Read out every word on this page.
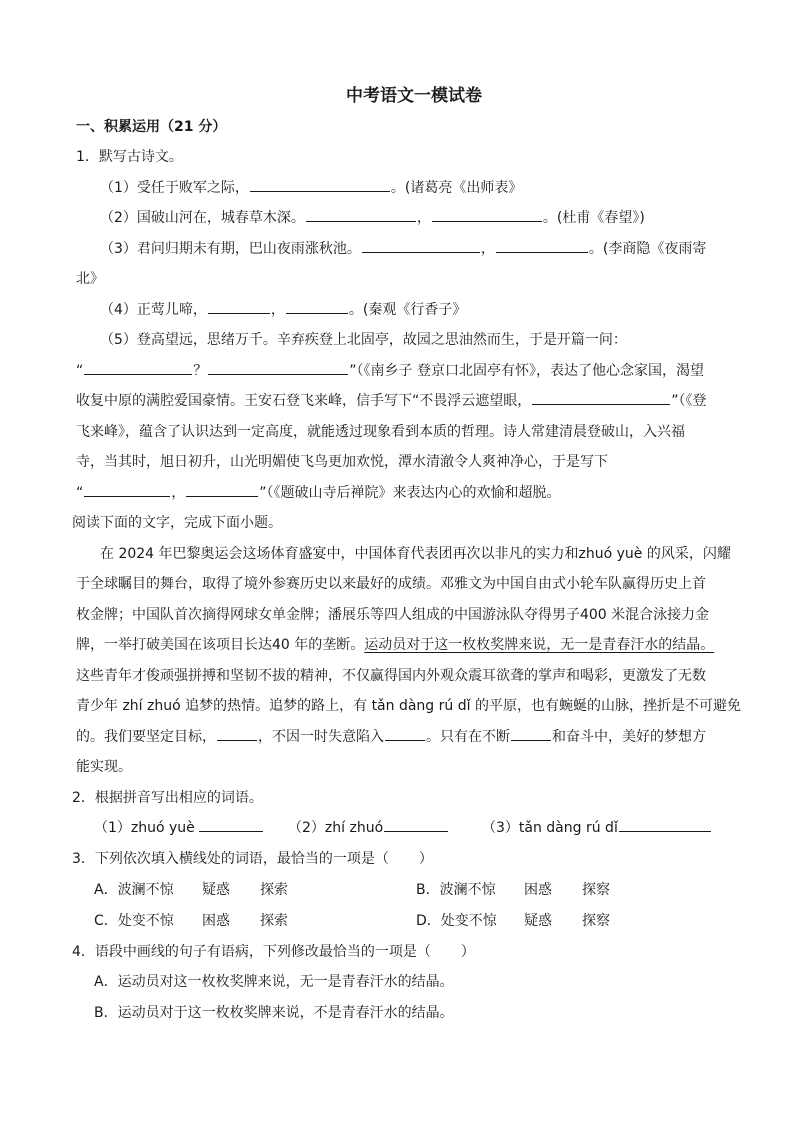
中考语文一模试卷
一、积累运用（21 分）
1．默写古诗文。
（1）受任于败军之际，	。(诸葛亮《出师表》
（2）国破山河在，城春草木深。	，	。(杜甫《春望》)
（3）君问归期未有期，巴山夜雨涨秋池。	，	。(李商隐《夜雨寄
北》
（4）正莺儿啼，	，	。(秦观《行香子》
（5）登高望远，思绪万千。辛弃疾登上北固亭，故园之思油然而生，于是开篇一问：
“	？	”（《南乡子 登京口北固亭有怀》，表达了他心念家国，渴望
收复中原的满腔爱国豪情。王安石登飞来峰，信手写下“不畏浮云遮望眼，	”（《登
飞来峰》，蕴含了认识达到一定高度，就能透过现象看到本质的哲理。诗人常建清晨登破山，入兴福
寺，当其时，旭日初升，山光明媚使飞鸟更加欢悦，潭水清澈令人爽神净心，于是写下
“	，	”（《题破山寺后禅院》来表达内心的欢愉和超脱。
阅读下面的文字，完成下面小题。
在 2024 年巴黎奥运会这场体育盛宴中，中国体育代表团再次以非凡的实力和zhuó yuè 的风采，闪耀
于全球瞩目的舞台，取得了境外参赛历史以来最好的成绩。邓雅文为中国自由式小轮车队赢得历史上首
枚金牌；中国队首次摘得网球女单金牌；潘展乐等四人组成的中国游泳队夺得男子400 米混合泳接力金
牌，一举打破美国在该项目长达40 年的垄断。运动员对于这一枚枚奖牌来说，无一是青春汗水的结晶。
这些青年才俊顽强拼搏和坚韧不拔的精神，不仅赢得国内外观众震耳欲聋的掌声和喝彩，更激发了无数
青少年 zhí zhuó 追梦的热情。追梦的路上，有 tǎn dàng rú dǐ 的平原，也有蜿蜒的山脉，挫折是不可避免
的。我们要坚定目标，	，不因一时失意陷入	。只有在不断	和奋斗中，美好的梦想方
能实现。
2．根据拼音写出相应的词语。
（1）zhuó yuè	（2）zhí zhuó	（3）tǎn dàng rú dǐ
3．下列依次填入横线处的词语，最恰当的一项是（ ）
A．波澜不惊 疑惑 探索	B．波澜不惊 困惑 探察
C．处变不惊 困惑 探索	D．处变不惊 疑惑 探察
4．语段中画线的句子有语病，下列修改最恰当的一项是（ ）
A．运动员对这一枚枚奖牌来说，无一是青春汗水的结晶。
B．运动员对于这一枚枚奖牌来说，不是青春汗水的结晶。
